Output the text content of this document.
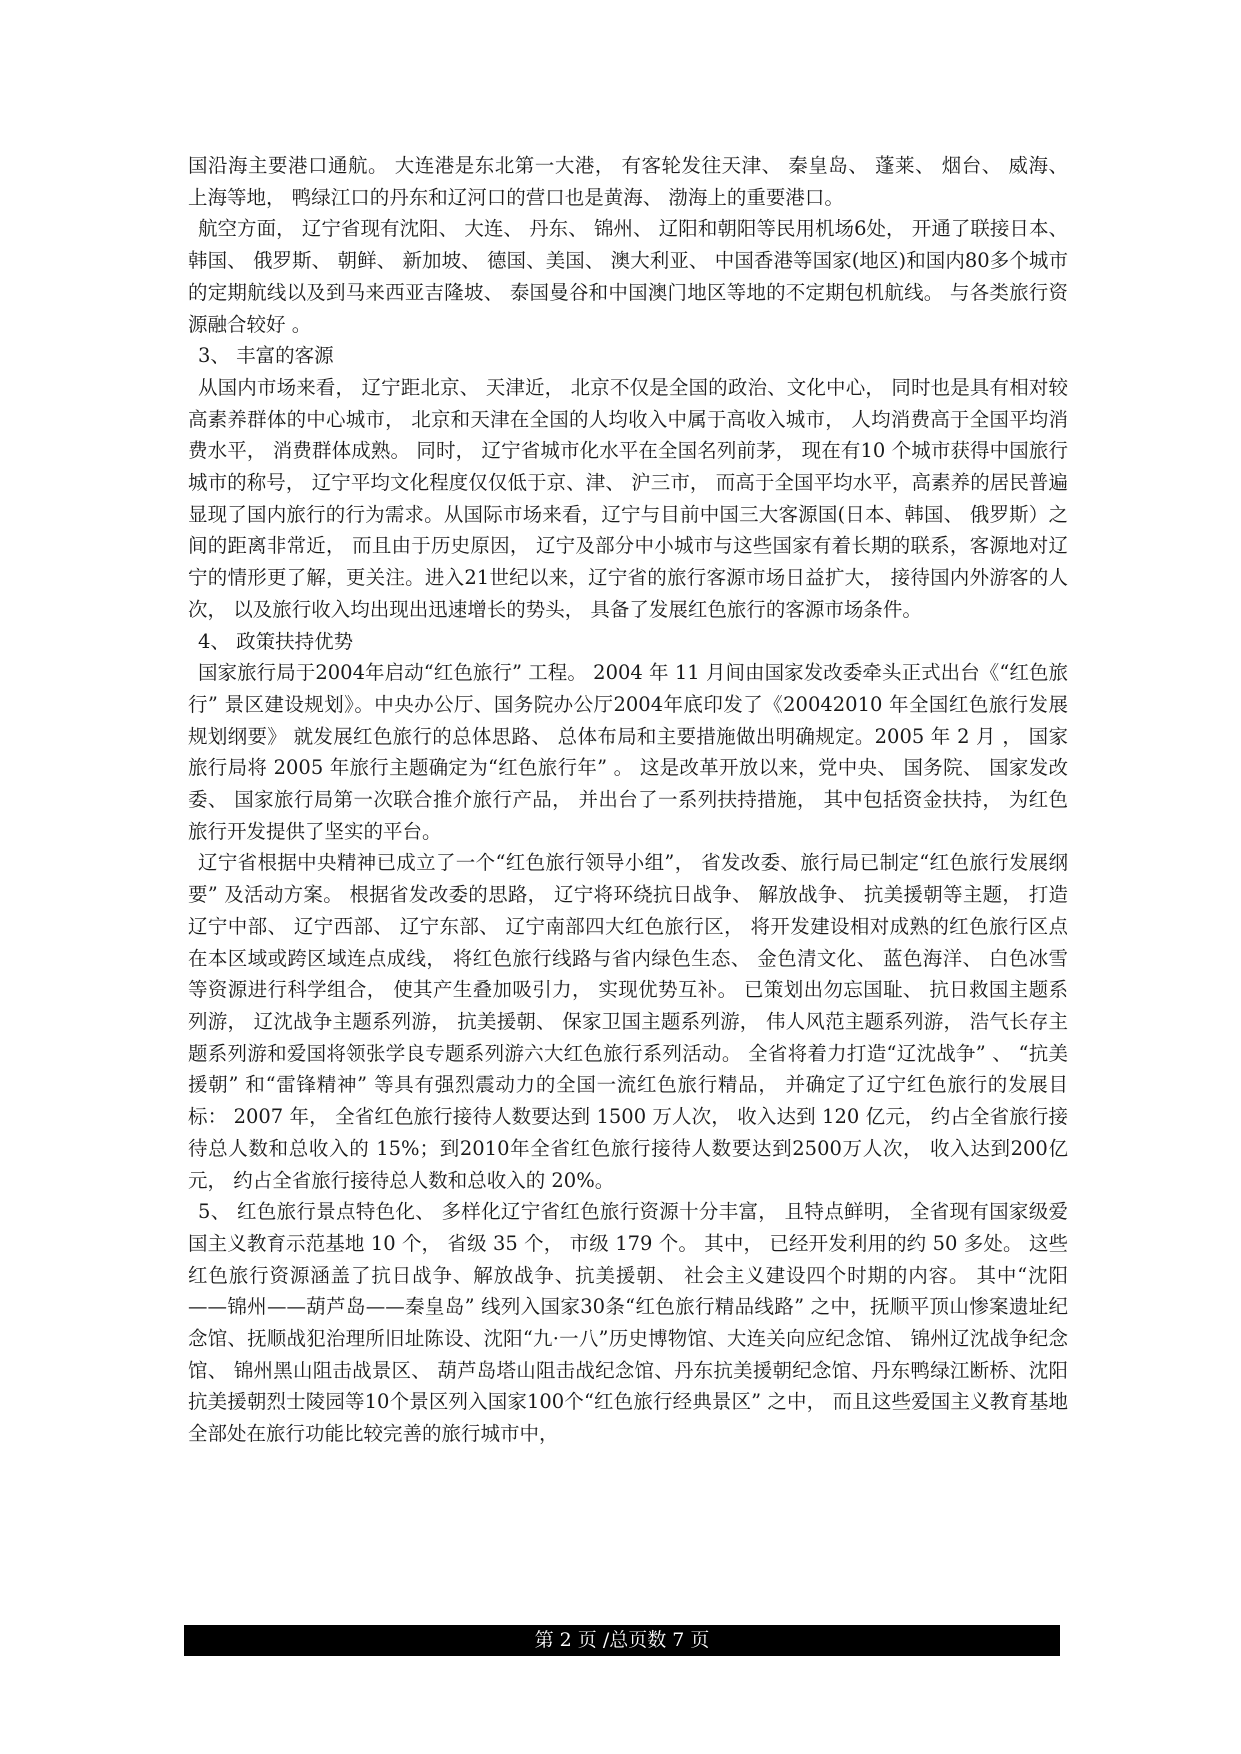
国沿海主要港口通航。 大连港是东北第一大港， 有客轮发往天津、 秦皇岛、 蓬莱、 烟台、 威海、 上海等地， 鸭绿江口的丹东和辽河口的营口也是黄海、 渤海上的重要港口。

航空方面， 辽宁省现有沈阳、 大连、 丹东、 锦州、 辽阳和朝阳等民用机场6处， 开通了联接日本、 韩国、 俄罗斯、 朝鲜、 新加坡、 德国、美国、 澳大利亚、 中国香港等国家(地区)和国内80多个城市的定期航线以及到马来西亚吉隆坡、 泰国曼谷和中国澳门地区等地的不定期包机航线。 与各类旅行资源融合较好 。

3、 丰富的客源

从国内市场来看， 辽宁距北京、 天津近， 北京不仅是全国的政治、文化中心， 同时也是具有相对较高素养群体的中心城市， 北京和天津在全国的人均收入中属于高收入城市， 人均消费高于全国平均消费水平， 消费群体成熟。 同时， 辽宁省城市化水平在全国名列前茅， 现在有10 个城市获得中国旅行城市的称号， 辽宁平均文化程度仅仅低于京、津、 沪三市， 而高于全国平均水平，高素养的居民普遍显现了国内旅行的行为需求。从国际市场来看，辽宁与目前中国三大客源国(日本、韩国、 俄罗斯）之间的距离非常近， 而且由于历史原因， 辽宁及部分中小城市与这些国家有着长期的联系，客源地对辽宁的情形更了解，更关注。进入21世纪以来，辽宁省的旅行客源市场日益扩大， 接待国内外游客的人次， 以及旅行收入均出现出迅速增长的势头， 具备了发展红色旅行的客源市场条件。

4、 政策扶持优势

国家旅行局于2004年启动“红色旅行” 工程。 2004 年 11 月间由国家发改委牵头正式出台《“红色旅行” 景区建设规划》。中央办公厅、国务院办公厅2004年底印发了《20042010 年全国红色旅行发展规划纲要》 就发展红色旅行的总体思路、 总体布局和主要措施做出明确规定。2005 年 2 月 ， 国家旅行局将 2005 年旅行主题确定为“红色旅行年” 。 这是改革开放以来，党中央、 国务院、 国家发改委、 国家旅行局第一次联合推介旅行产品， 并出台了一系列扶持措施， 其中包括资金扶持， 为红色旅行开发提供了坚实的平台。

辽宁省根据中央精神已成立了一个“红色旅行领导小组”， 省发改委、旅行局已制定“红色旅行发展纲要” 及活动方案。 根据省发改委的思路， 辽宁将环绕抗日战争、 解放战争、 抗美援朝等主题， 打造辽宁中部、 辽宁西部、 辽宁东部、 辽宁南部四大红色旅行区， 将开发建设相对成熟的红色旅行区点在本区域或跨区域连点成线， 将红色旅行线路与省内绿色生态、 金色清文化、 蓝色海洋、 白色冰雪等资源进行科学组合， 使其产生叠加吸引力， 实现优势互补。 已策划出勿忘国耻、 抗日救国主题系列游， 辽沈战争主题系列游， 抗美援朝、 保家卫国主题系列游， 伟人风范主题系列游， 浩气长存主题系列游和爱国将领张学良专题系列游六大红色旅行系列活动。 全省将着力打造“辽沈战争” 、 “抗美援朝” 和“雷锋精神” 等具有强烈震动力的全国一流红色旅行精品， 并确定了辽宁红色旅行的发展目标： 2007 年， 全省红色旅行接待人数要达到 1500 万人次， 收入达到 120 亿元， 约占全省旅行接待总人数和总收入的 15%；到2010年全省红色旅行接待人数要达到2500万人次， 收入达到200亿元， 约占全省旅行接待总人数和总收入的 20%。

5、 红色旅行景点特色化、 多样化辽宁省红色旅行资源十分丰富， 且特点鲜明， 全省现有国家级爱国主义教育示范基地 10 个， 省级 35 个， 市级 179 个。 其中， 已经开发利用的约 50 多处。 这些红色旅行资源涵盖了抗日战争、解放战争、抗美援朝、 社会主义建设四个时期的内容。 其中“沈阳——锦州——葫芦岛——秦皇岛” 线列入国家30条“红色旅行精品线路” 之中，抚顺平顶山惨案遗址纪念馆、抚顺战犯治理所旧址陈设、沈阳“九·一八”历史博物馆、大连关向应纪念馆、 锦州辽沈战争纪念馆、 锦州黑山阻击战景区、 葫芦岛塔山阻击战纪念馆、丹东抗美援朝纪念馆、丹东鸭绿江断桥、沈阳抗美援朝烈士陵园等10个景区列入国家100个“红色旅行经典景区” 之中， 而且这些爱国主义教育基地全部处在旅行功能比较完善的旅行城市中，

第 2 页 /总页数 7 页
